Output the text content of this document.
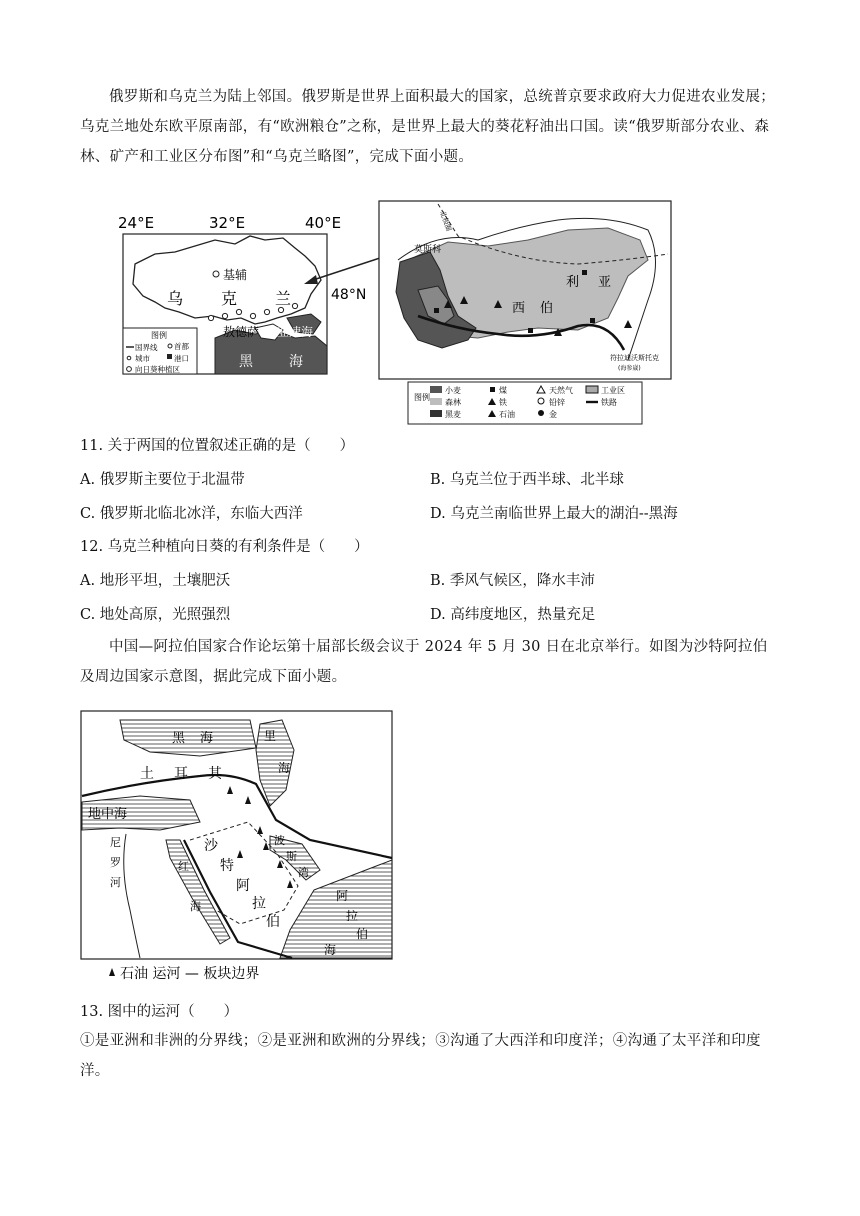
俄罗斯和乌克兰为陆上邻国。俄罗斯是世界上面积最大的国家，总统普京要求政府大力促进农业发展；乌克兰地处东欧平原南部，有“欧洲粮仓”之称，是世界上最大的葵花籽油出口国。读“俄罗斯部分农业、森林、矿产和工业区分布图”和“乌克兰略图”，完成下面小题。
24°E	32°E	40°E
基辅
乌 克 兰	48°N
敖德萨 亚速海
黑	海
图例
国界线 首都
城市	港口
向日葵种植区
北极圈
莫斯科
西 伯
利 亚
符拉迪沃斯托克
(海参崴)
图例
小麦	煤	天然气	工业区
森林	铁	铅锌	铁路
黑麦	石油	金
11. 关于两国的位置叙述正确的是（　　）
A. 俄罗斯主要位于北温带	B. 乌克兰位于西半球、北半球
C. 俄罗斯北临北冰洋，东临大西洋	D. 乌克兰南临世界上最大的湖泊--黑海
12. 乌克兰种植向日葵的有利条件是（　　）
A. 地形平坦，土壤肥沃	B. 季风气候区，降水丰沛
C. 地处高原，光照强烈	D. 高纬度地区，热量充足
中国—阿拉伯国家合作论坛第十届部长级会议于 2024 年 5 月 30 日在北京举行。如图为沙特阿拉伯及周边国家示意图，据此完成下面小题。
黑 海	里
海
土 耳 其
地中海
尼
罗
河
沙
特
阿
拉
伯
红
海
波
斯
湾
阿
拉
伯
海
石油 运河 — 板块边界
13. 图中的运河（　　）
①是亚洲和非洲的分界线；②是亚洲和欧洲的分界线；③沟通了大西洋和印度洋；④沟通了太平洋和印度洋。
